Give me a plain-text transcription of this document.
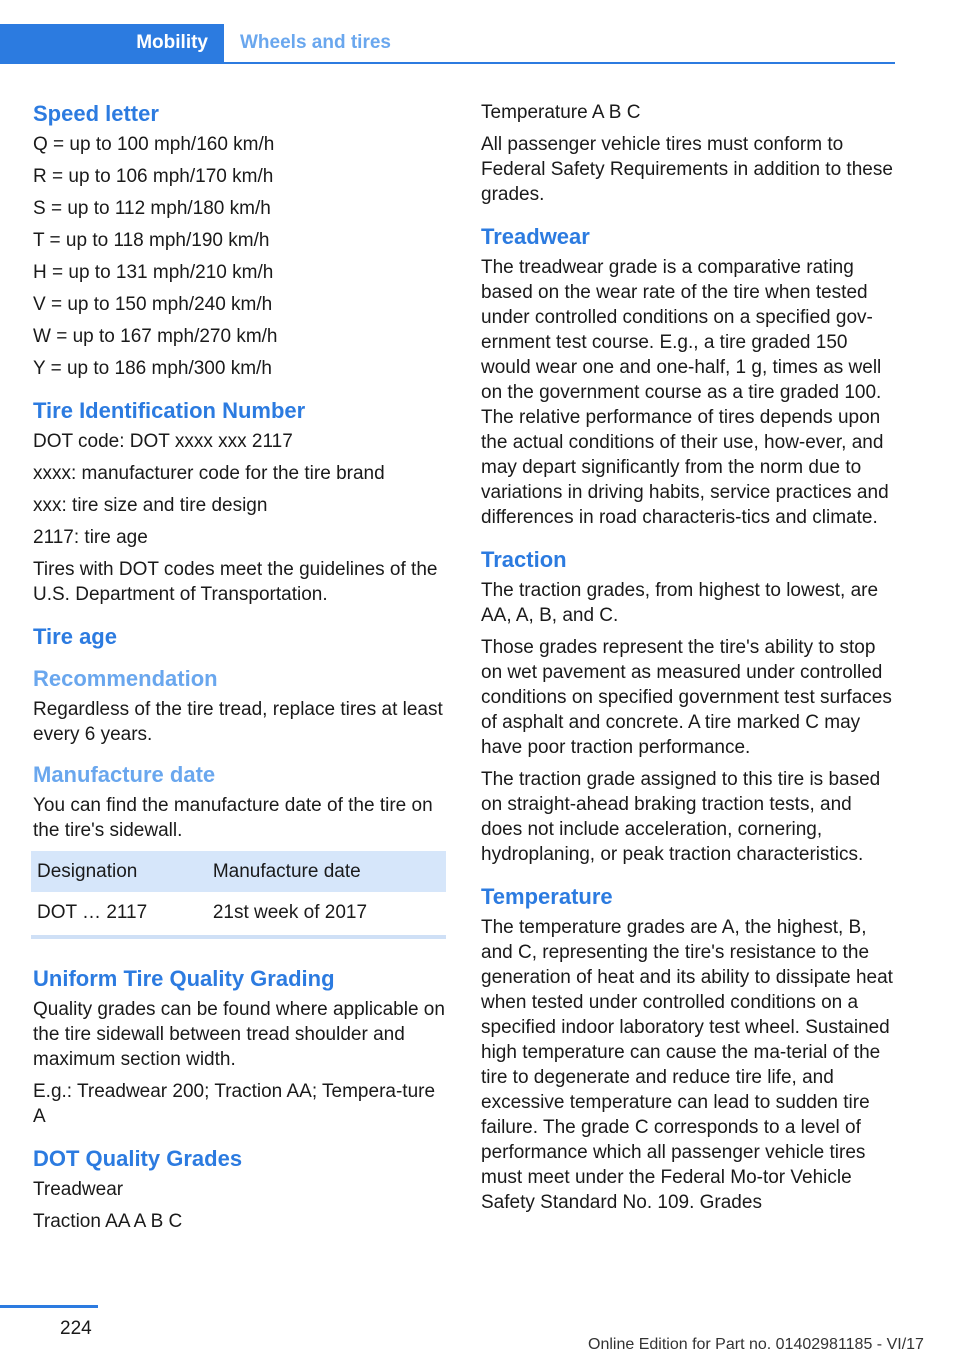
Mobility	Wheels and tires
Speed letter

Q = up to 100 mph/160 km/h

R = up to 106 mph/170 km/h

S = up to 112 mph/180 km/h

T = up to 118 mph/190 km/h

H = up to 131 mph/210 km/h

V = up to 150 mph/240 km/h

W = up to 167 mph/270 km/h

Y = up to 186 mph/300 km/h

Tire Identification Number

DOT code: DOT xxxx xxx 2117

xxxx: manufacturer code for the tire brand

xxx: tire size and tire design

2117: tire age

Tires with DOT codes meet the guidelines of the U.S. Department of Transportation.

Tire age
Recommendation

Regardless of the tire tread, replace tires at least every 6 years.

Manufacture date

You can find the manufacture date of the tire on the tire's sidewall.

Designation	Manufacture date
DOT … 2117	21st week of 2017
Uniform Tire Quality Grading

Quality grades can be found where applicable on the tire sidewall between tread shoulder and maximum section width.

E.g.: Treadwear 200; Traction AA; Tempera‐ture A

DOT Quality Grades

Treadwear

Traction AA A B C

Temperature A B C

All passenger vehicle tires must conform to Federal Safety Requirements in addition to these grades.

Treadwear

The treadwear grade is a comparative rating based on the wear rate of the tire when tested under controlled conditions on a specified gov‐ernment test course. E.g., a tire graded 150 would wear one and one-half, 1 g, times as well on the government course as a tire graded 100. The relative performance of tires depends upon the actual conditions of their use, how‐ever, and may depart significantly from the norm due to variations in driving habits, service practices and differences in road characteris‐tics and climate.

Traction

The traction grades, from highest to lowest, are AA, A, B, and C.

Those grades represent the tire's ability to stop on wet pavement as measured under controlled conditions on specified government test surfaces of asphalt and concrete. A tire marked C may have poor traction performance.

The traction grade assigned to this tire is based on straight-ahead braking traction tests, and does not include acceleration, cornering, hydroplaning, or peak traction characteristics.

Temperature

The temperature grades are A, the highest, B, and C, representing the tire's resistance to the generation of heat and its ability to dissipate heat when tested under controlled conditions on a specified indoor laboratory test wheel. Sustained high temperature can cause the ma‐terial of the tire to degenerate and reduce tire life, and excessive temperature can lead to sudden tire failure. The grade C corresponds to a level of performance which all passenger vehicle tires must meet under the Federal Mo‐tor Vehicle Safety Standard No. 109. Grades

224
Online Edition for Part no. 01402981185 - VI/17
